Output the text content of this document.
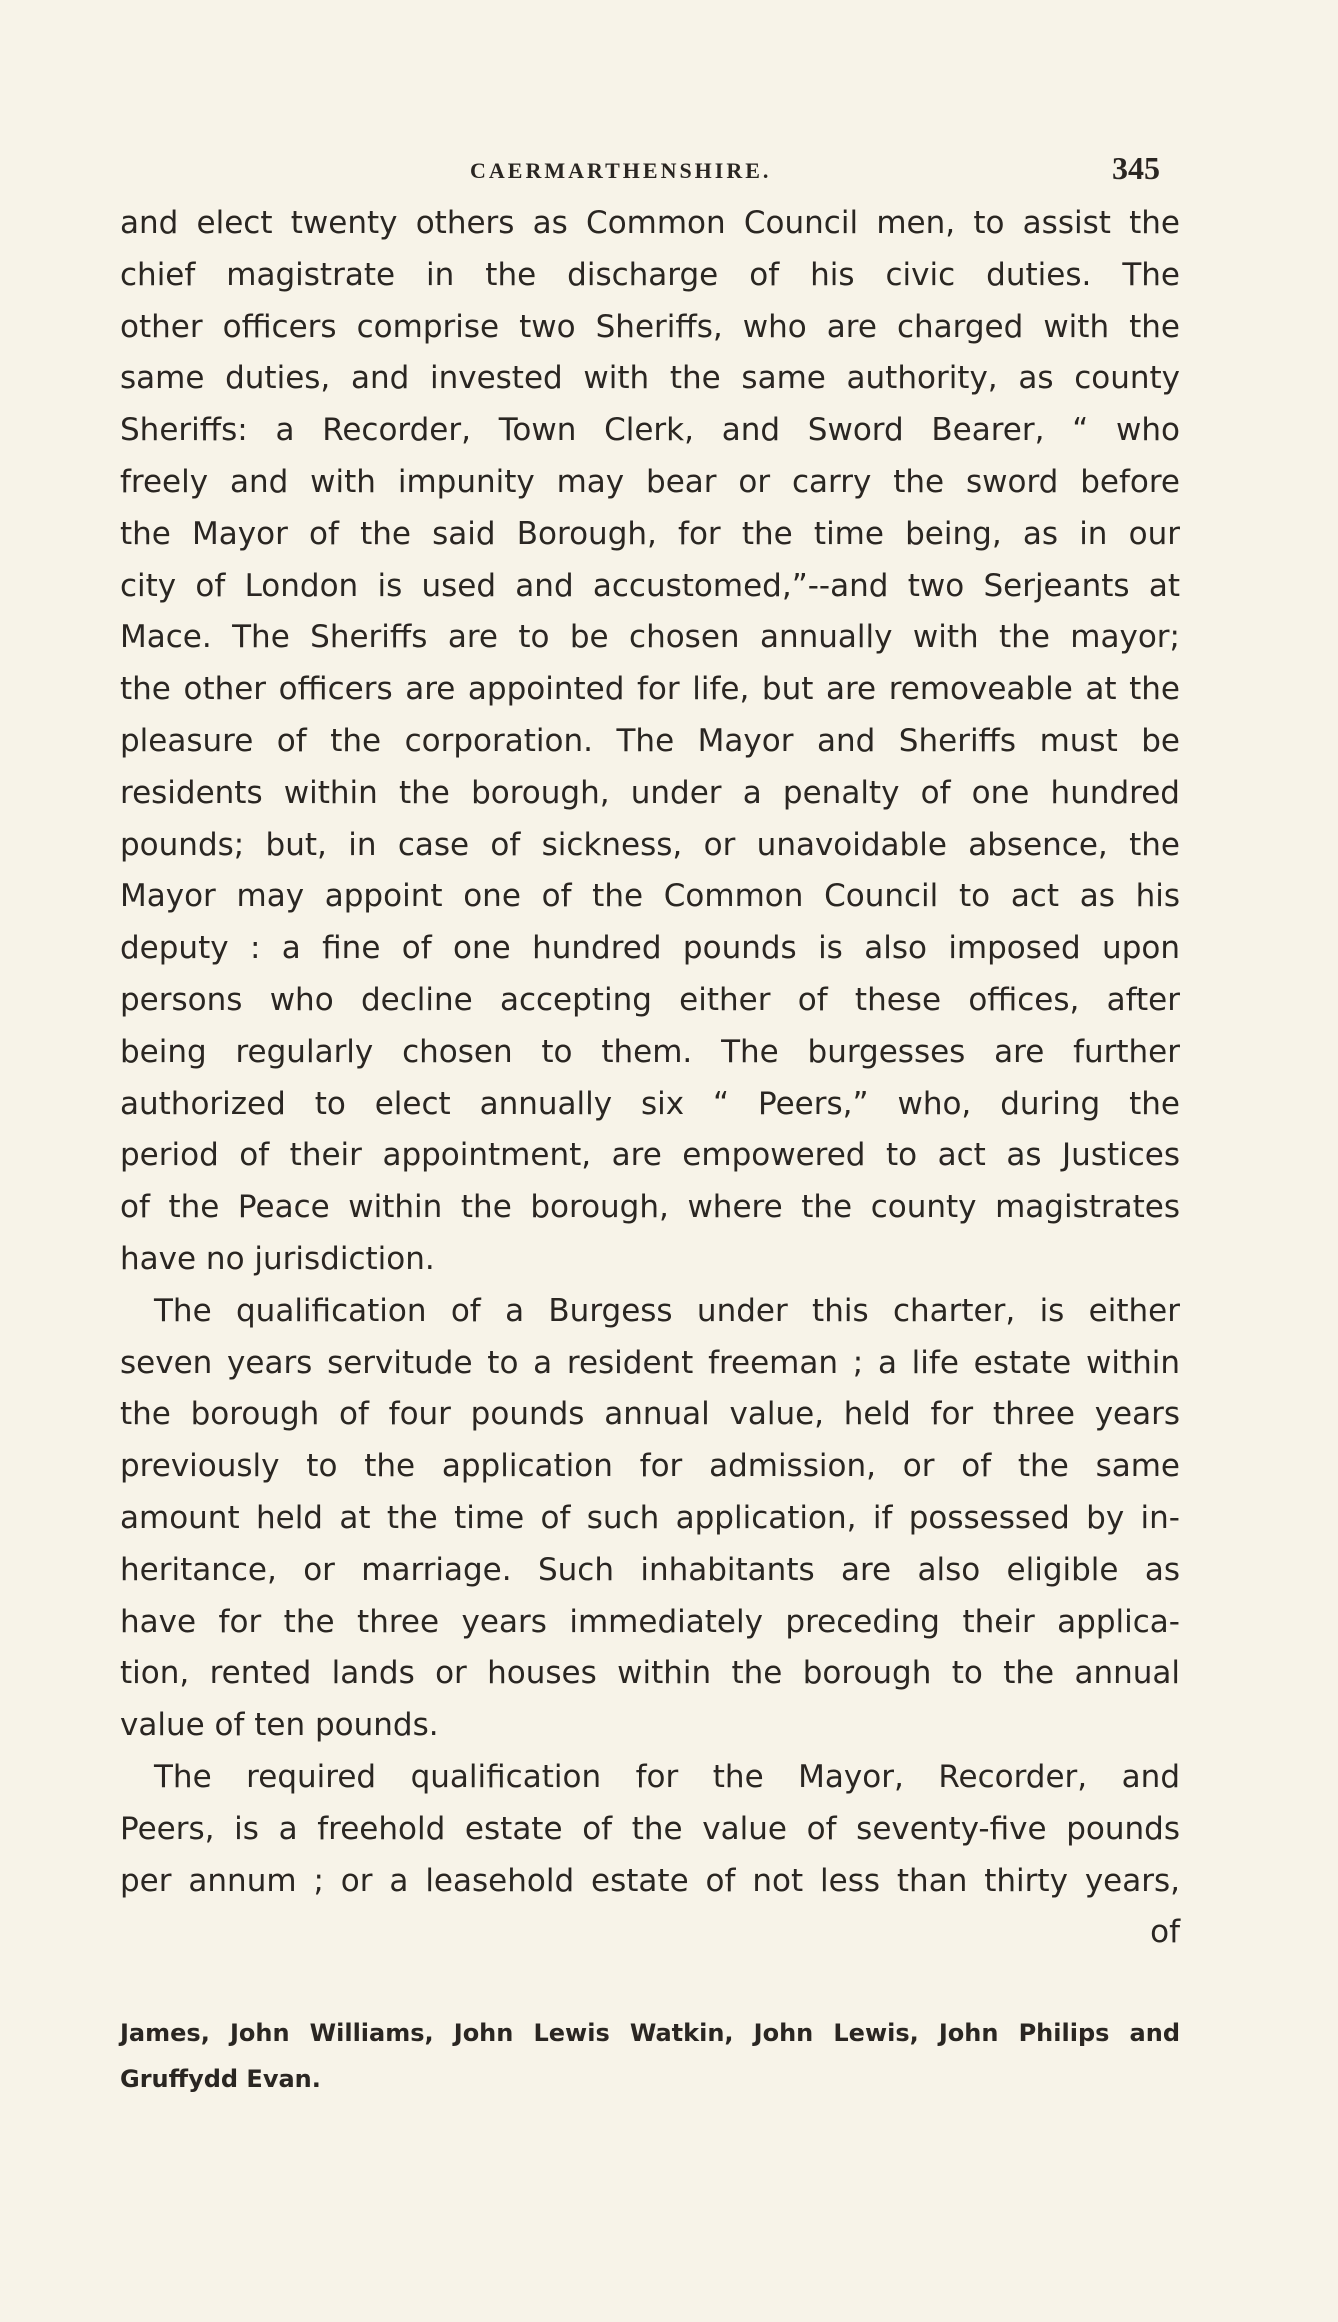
CAERMARTHENSHIRE.	345
and elect twenty others as Common Council men, to assist the
chief magistrate in the discharge of his civic duties. The
other officers comprise two Sheriffs, who are charged with the
same duties, and invested with the same authority, as county
Sheriffs: a Recorder, Town Clerk, and Sword Bearer, “ who
freely and with impunity may bear or carry the sword before
the Mayor of the said Borough, for the time being, as in our
city of London is used and accustomed,”--and two Serjeants at
Mace. The Sheriffs are to be chosen annually with the mayor;
the other officers are appointed for life, but are removeable at the
pleasure of the corporation. The Mayor and Sheriffs must be
residents within the borough, under a penalty of one hundred
pounds; but, in case of sickness, or unavoidable absence, the
Mayor may appoint one of the Common Council to act as his
deputy : a fine of one hundred pounds is also imposed upon
persons who decline accepting either of these offices, after
being regularly chosen to them. The burgesses are further
authorized to elect annually six “ Peers,” who, during the
period of their appointment, are empowered to act as Justices
of the Peace within the borough, where the county magistrates
have no jurisdiction.
The qualification of a Burgess under this charter, is either
seven years servitude to a resident freeman ; a life estate within
the borough of four pounds annual value, held for three years
previously to the application for admission, or of the same
amount held at the time of such application, if possessed by in-
heritance, or marriage. Such inhabitants are also eligible as
have for the three years immediately preceding their applica-
tion, rented lands or houses within the borough to the annual
value of ten pounds.
The required qualification for the Mayor, Recorder, and
Peers, is a freehold estate of the value of seventy-five pounds
per annum ; or a leasehold estate of not less than thirty years,
of
James, John Williams, John Lewis Watkin, John Lewis, John Philips and
Gruffydd Evan.
